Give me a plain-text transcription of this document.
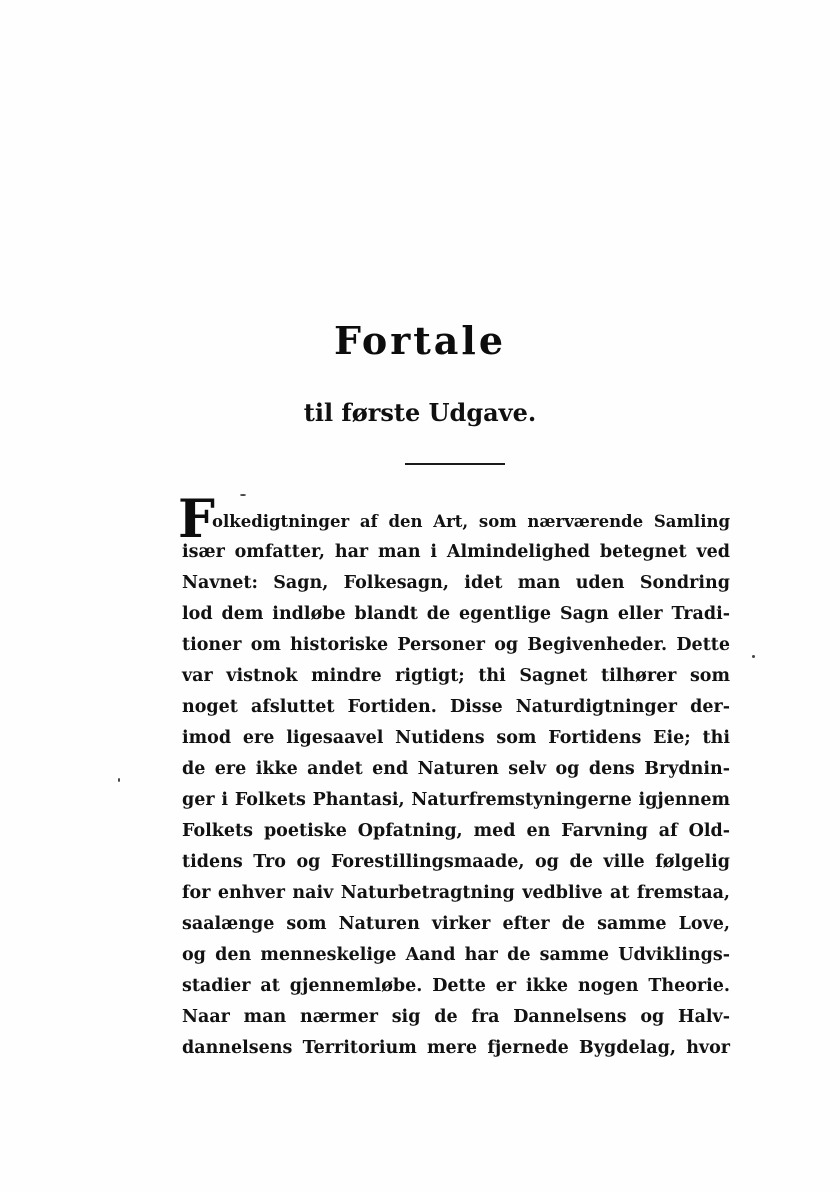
Fortale
til første Udgave.
F
olkedigtninger af den Art, som nærværende Samling
især omfatter, har man i Almindelighed betegnet ved
Navnet: Sagn, Folkesagn, idet man uden Sondring
lod dem indløbe blandt de egentlige Sagn eller Tradi-
tioner om historiske Personer og Begivenheder. Dette
var vistnok mindre rigtigt; thi Sagnet tilhører som
noget afsluttet Fortiden. Disse Naturdigtninger der-
imod ere ligesaavel Nutidens som Fortidens Eie; thi
de ere ikke andet end Naturen selv og dens Brydnin-
ger i Folkets Phantasi, Naturfremstyningerne igjennem
Folkets poetiske Opfatning, med en Farvning af Old-
tidens Tro og Forestillingsmaade, og de ville følgelig
for enhver naiv Naturbetragtning vedblive at fremstaa,
saalænge som Naturen virker efter de samme Love,
og den menneskelige Aand har de samme Udviklings-
stadier at gjennemløbe. Dette er ikke nogen Theorie.
Naar man nærmer sig de fra Dannelsens og Halv-
dannelsens Territorium mere fjernede Bygdelag, hvor
